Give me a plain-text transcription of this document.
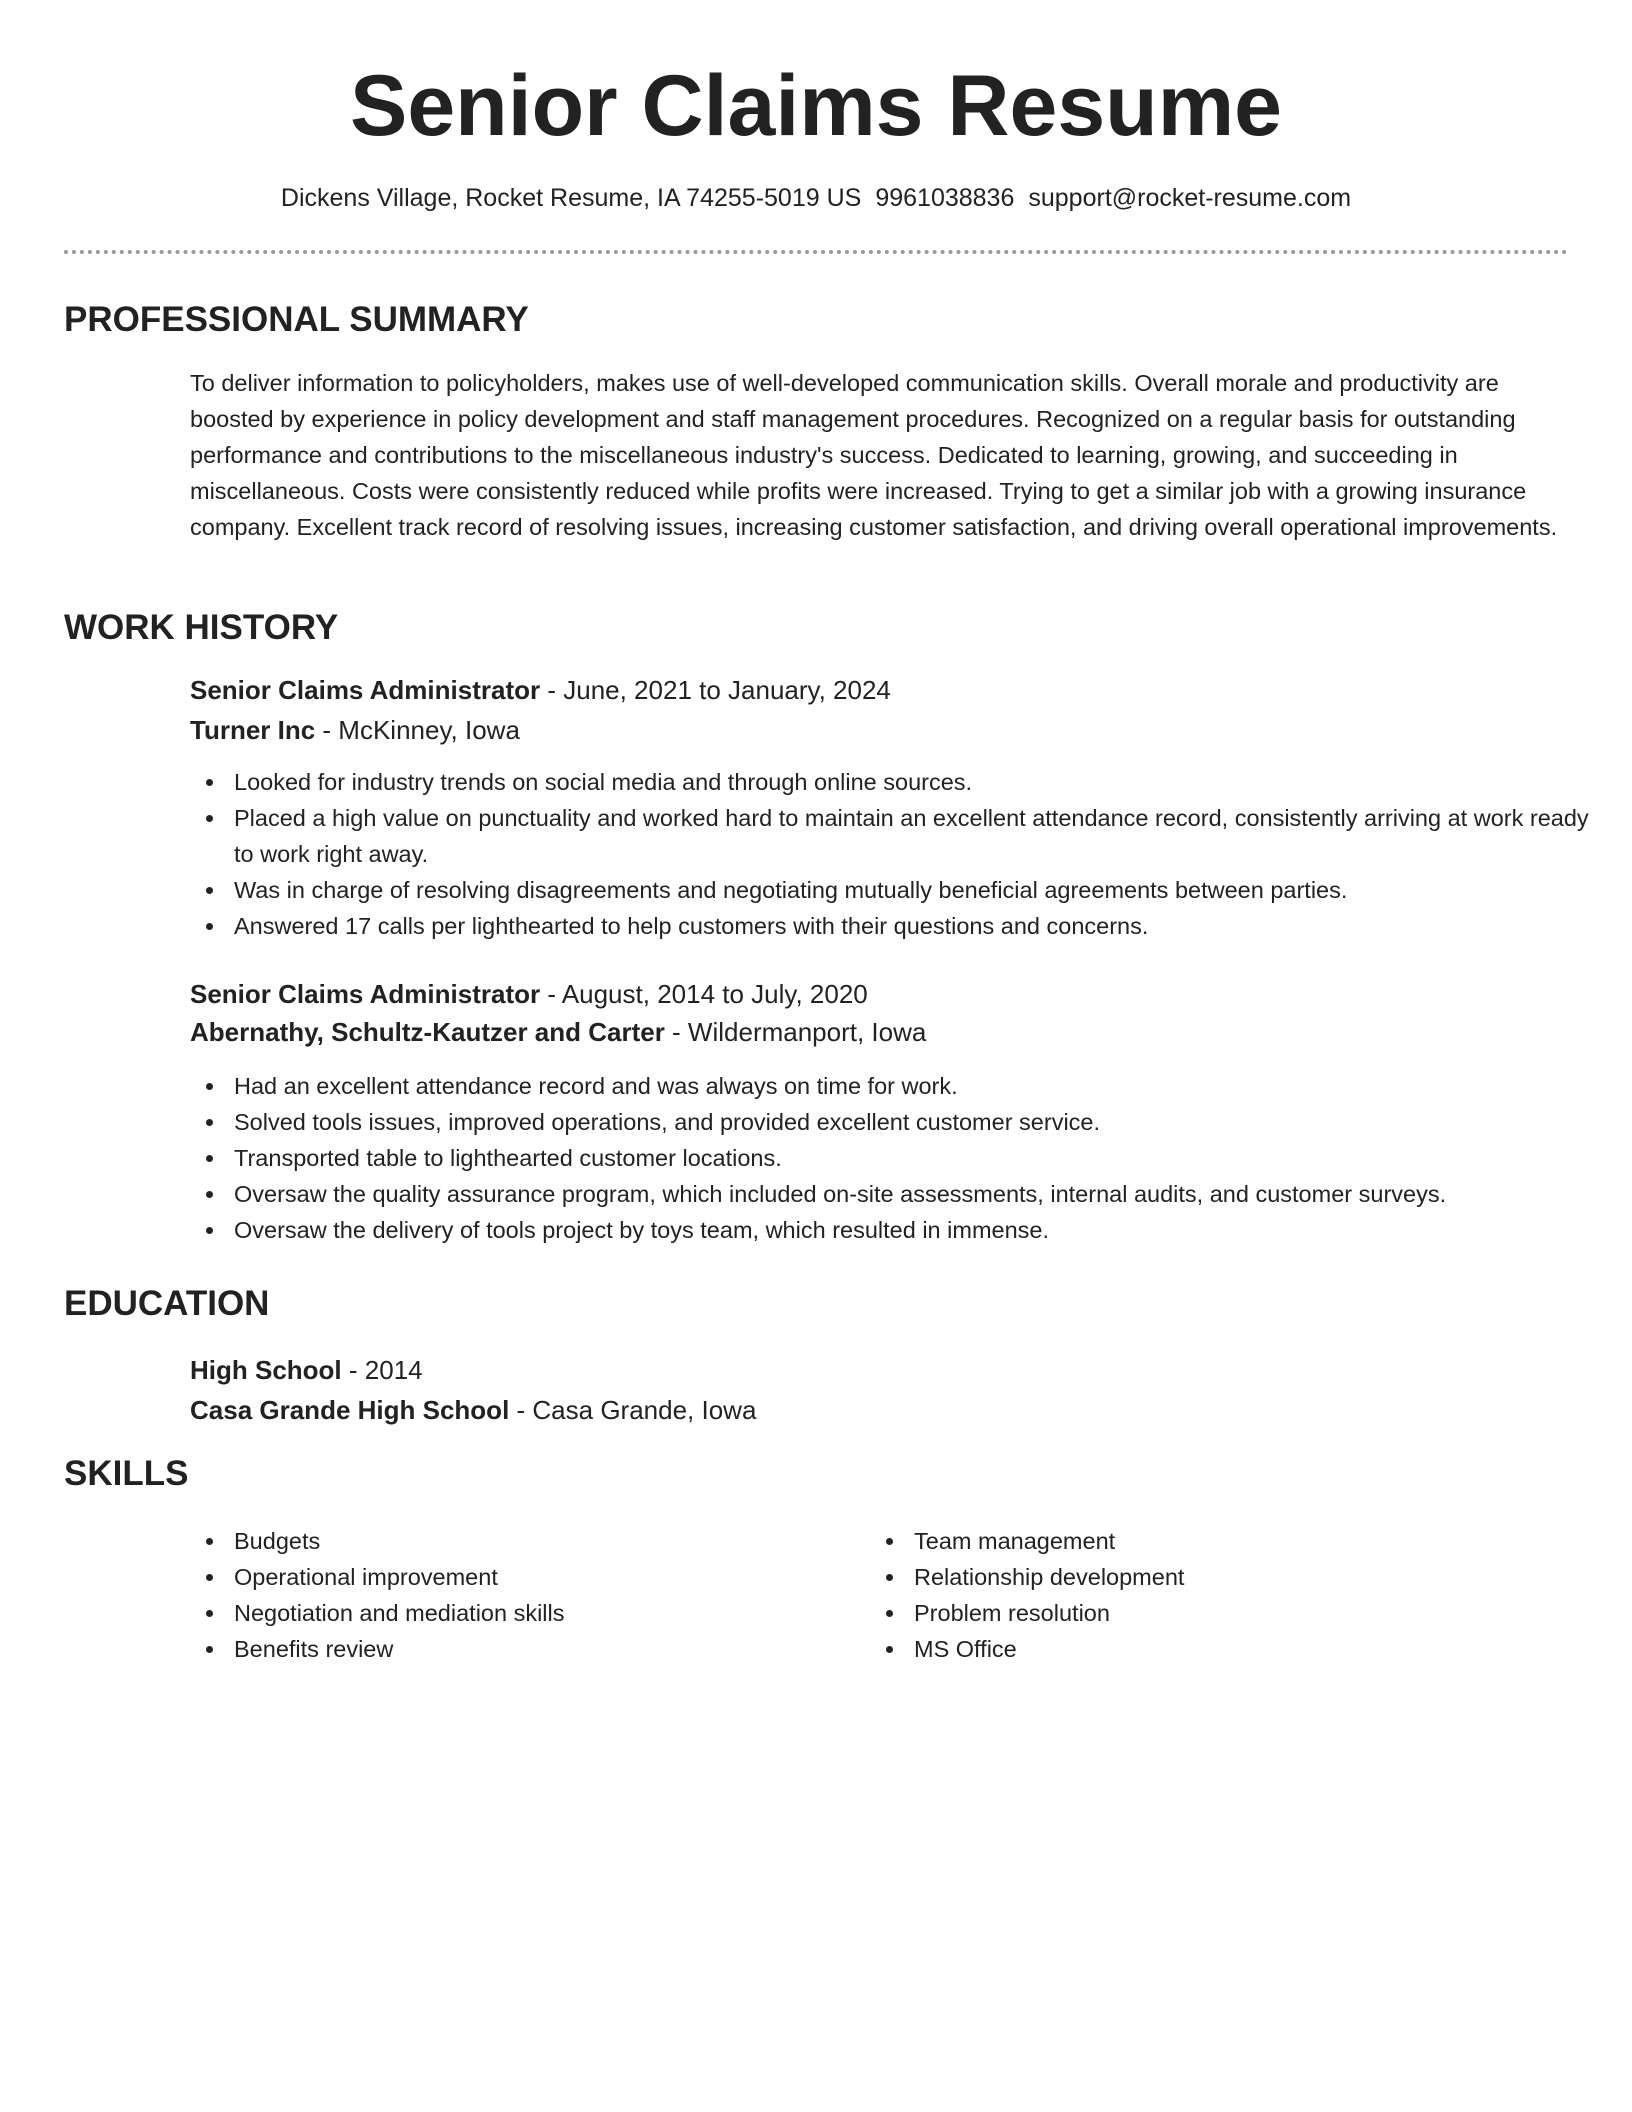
Senior Claims Resume
Dickens Village, Rocket Resume, IA 74255-5019 US 9961038836 support@rocket-resume.com
PROFESSIONAL SUMMARY

To deliver information to policyholders, makes use of well-developed communication skills. Overall morale and productivity are boosted by experience in policy development and staff management procedures. Recognized on a regular basis for outstanding performance and contributions to the miscellaneous industry's success. Dedicated to learning, growing, and succeeding in miscellaneous. Costs were consistently reduced while profits were increased. Trying to get a similar job with a growing insurance company. Excellent track record of resolving issues, increasing customer satisfaction, and driving overall operational improvements.

WORK HISTORY
Senior Claims Administrator - June, 2021 to January, 2024
Turner Inc - McKinney, Iowa
Looked for industry trends on social media and through online sources.
Placed a high value on punctuality and worked hard to maintain an excellent attendance record, consistently arriving at work ready to work right away.
Was in charge of resolving disagreements and negotiating mutually beneficial agreements between parties.
Answered 17 calls per lighthearted to help customers with their questions and concerns.
Senior Claims Administrator - August, 2014 to July, 2020
Abernathy, Schultz-Kautzer and Carter - Wildermanport, Iowa
Had an excellent attendance record and was always on time for work.
Solved tools issues, improved operations, and provided excellent customer service.
Transported table to lighthearted customer locations.
Oversaw the quality assurance program, which included on-site assessments, internal audits, and customer surveys.
Oversaw the delivery of tools project by toys team, which resulted in immense.
EDUCATION
High School - 2014
Casa Grande High School - Casa Grande, Iowa
SKILLS
Budgets
Operational improvement
Negotiation and mediation skills
Benefits review
Team management
Relationship development
Problem resolution
MS Office
